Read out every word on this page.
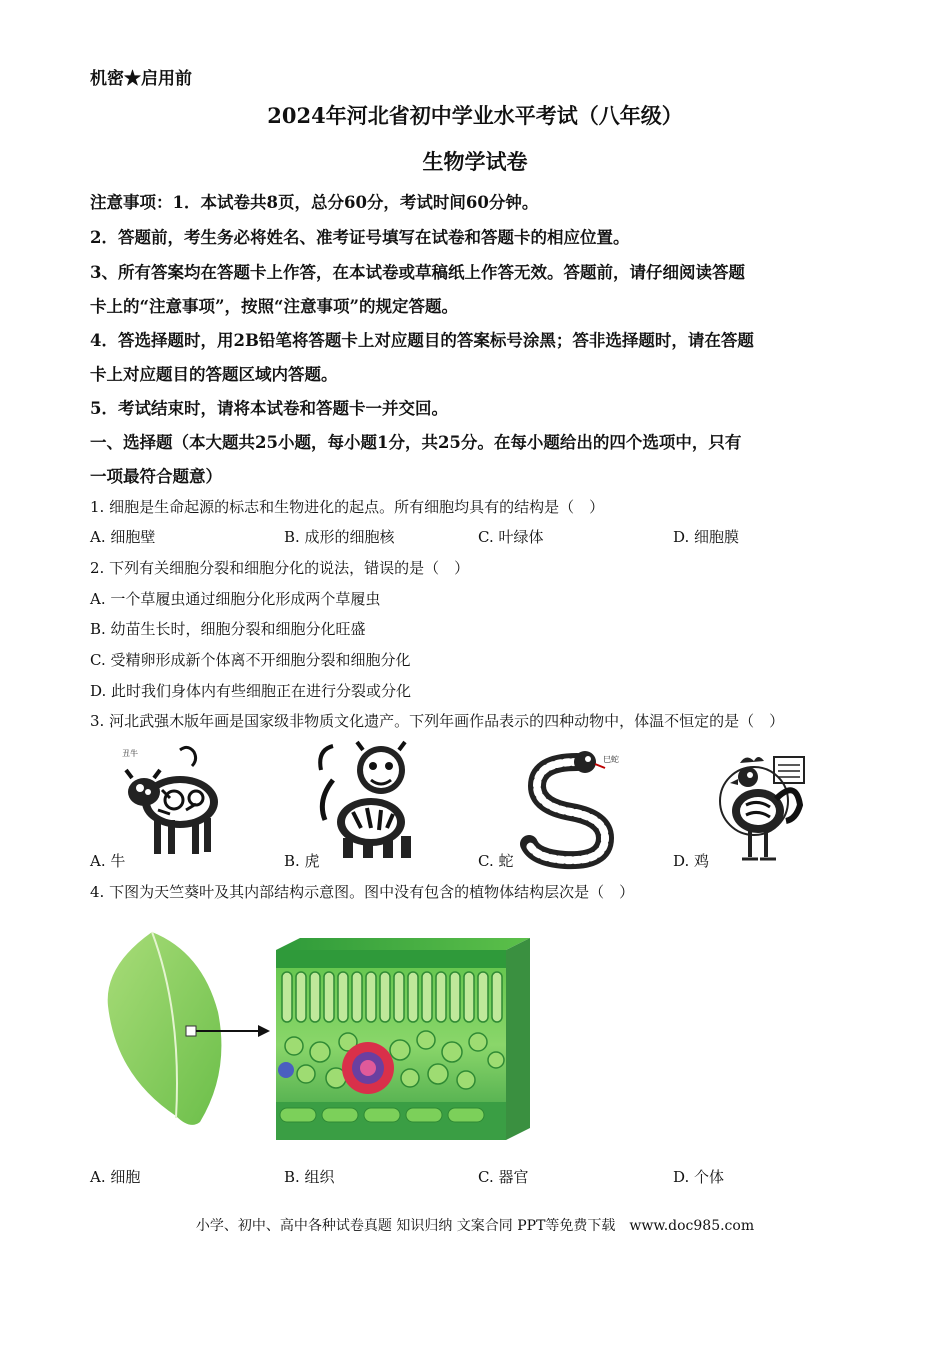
机密★启用前
2024年河北省初中学业水平考试（八年级）
生物学试卷
注意事项：1．本试卷共8页，总分60分，考试时间60分钟。
2．答题前，考生务必将姓名、准考证号填写在试卷和答题卡的相应位置。
3、所有答案均在答题卡上作答，在本试卷或草稿纸上作答无效。答题前，请仔细阅读答题
卡上的“注意事项”，按照“注意事项”的规定答题。
4．答选择题时，用2B铅笔将答题卡上对应题目的答案标号涂黑；答非选择题时，请在答题
卡上对应题目的答题区域内答题。
5．考试结束时，请将本试卷和答题卡一并交回。
一、选择题（本大题共25小题，每小题1分，共25分。在每小题给出的四个选项中，只有
一项最符合题意）
1. 细胞是生命起源的标志和生物进化的起点。所有细胞均具有的结构是（　）
A. 细胞壁	B. 成形的细胞核	C. 叶绿体	D. 细胞膜
2. 下列有关细胞分裂和细胞分化的说法，错误的是（　）
A. 一个草履虫通过细胞分化形成两个草履虫
B. 幼苗生长时，细胞分裂和细胞分化旺盛
C. 受精卵形成新个体离不开细胞分裂和细胞分化
D. 此时我们身体内有些细胞正在进行分裂或分化
3. 河北武强木版年画是国家级非物质文化遗产。下列年画作品表示的四种动物中，体温不恒定的是（　）
丑牛
巳蛇
A. 牛	B. 虎	C. 蛇	D. 鸡
4. 下图为天竺葵叶及其内部结构示意图。图中没有包含的植物体结构层次是（　）
A. 细胞	B. 组织	C. 器官	D. 个体
小学、初中、高中各种试卷真题 知识归纳 文案合同 PPT等免费下载　www.doc985.com
